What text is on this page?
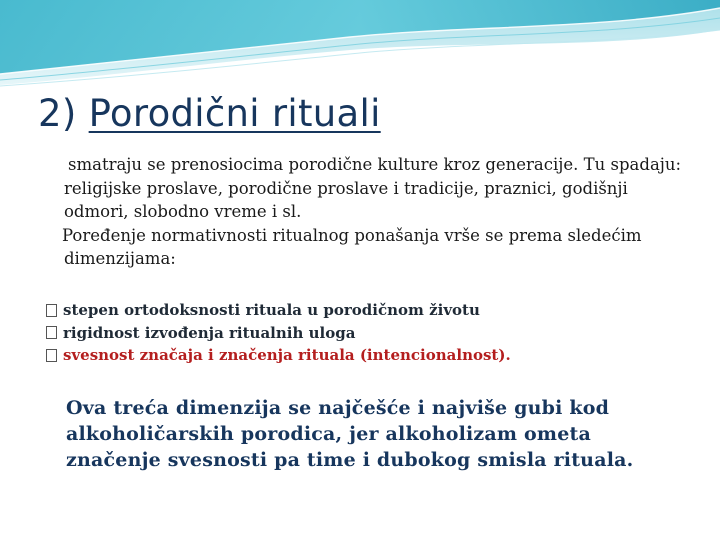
2) Porodični rituali

smatraju se prenosiocima porodične kulture kroz generacije. Tu spadaju: religijske proslave, porodične proslave i tradicije, praznici, godišnji odmori, slobodno vreme i sl.

Poređenje normativnosti ritualnog ponašanja vrše se prema sledećim dimenzijama:

stepen ortodoksnosti rituala u porodičnom životu
rigidnost izvođenja ritualnih uloga
svesnost značaja i značenja rituala (intencionalnost).

Ova treća dimenzija se najčešće i najviše gubi kod alkoholičarskih porodica, jer alkoholizam ometa značenje svesnosti pa time i dubokog smisla rituala.
